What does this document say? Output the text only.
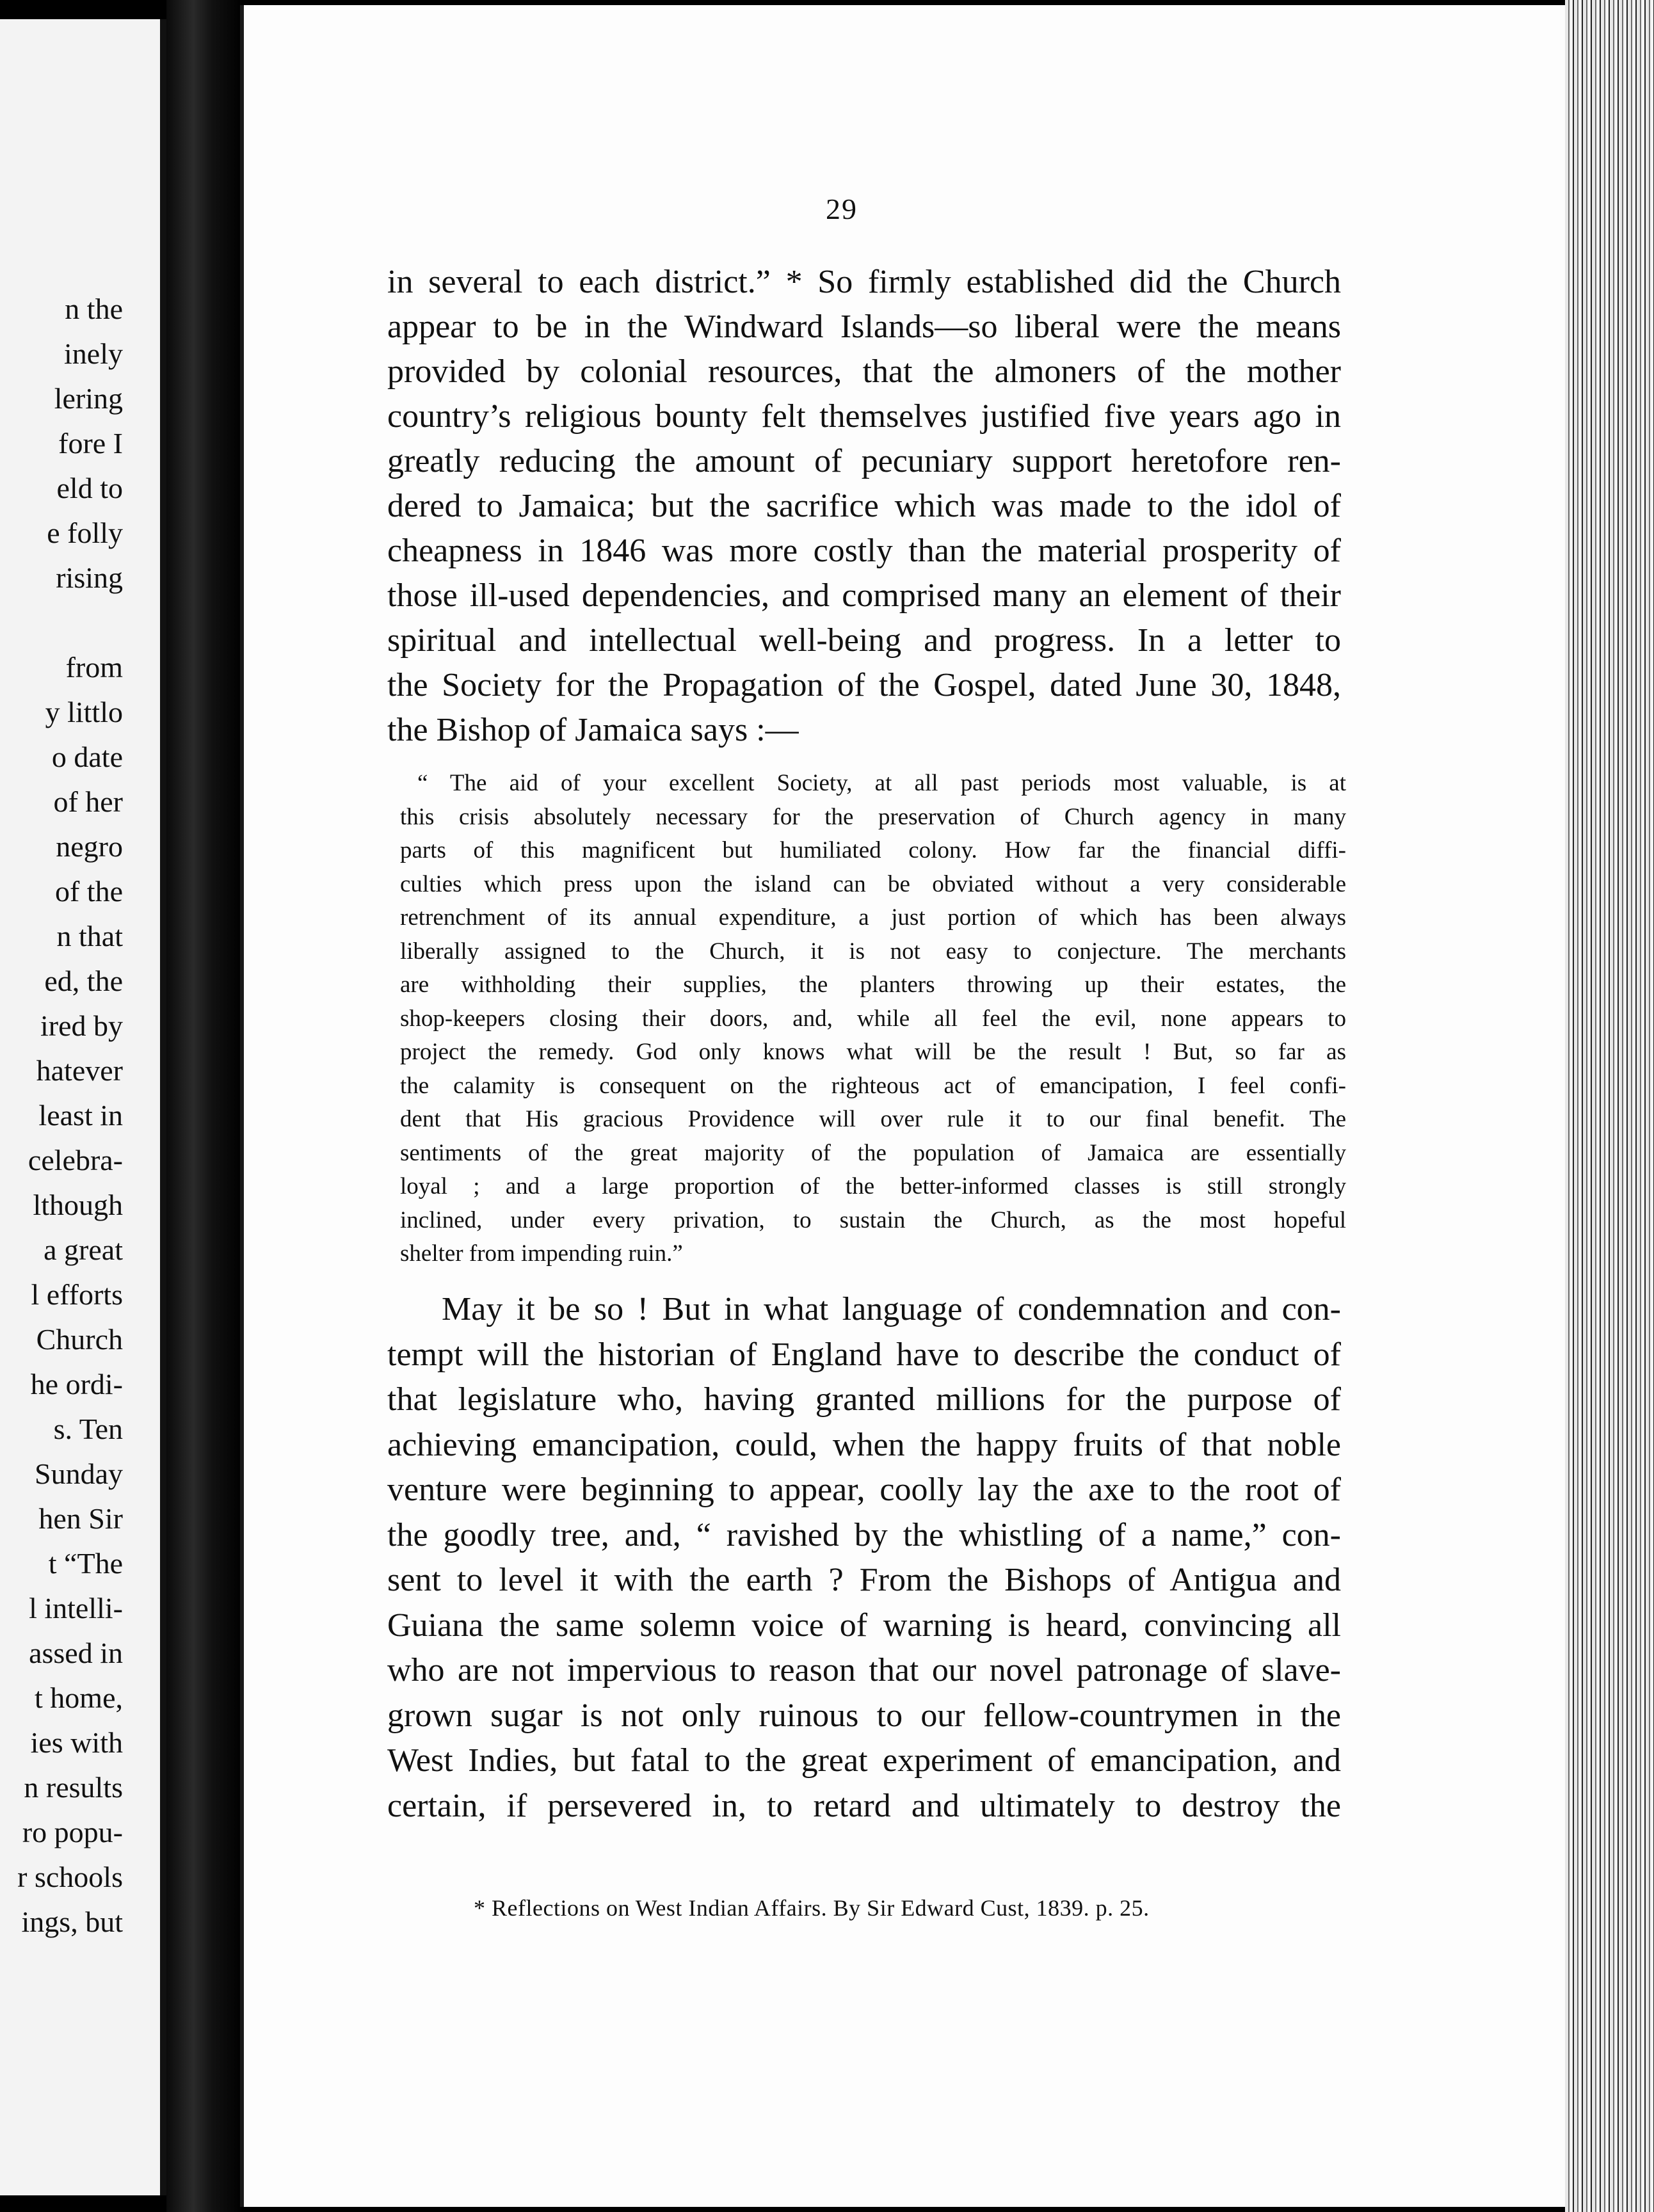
n the
inely
lering
fore I
eld to
e folly
rising
from
y littlo
o date
of her
negro
of the
n that
ed, the
ired by
hatever
least in
celebra-
lthough
a great
l efforts
Church
he ordi-
s. Ten
Sunday
hen Sir
t “The
l intelli-
assed in
t home,
ies with
n results
ro popu-
r schools
ings, but
29
in several to each district.” * So firmly established did the Church
appear to be in the Windward Islands—so liberal were the means
provided by colonial resources, that the almoners of the mother
country’s religious bounty felt themselves justified five years ago in
greatly reducing the amount of pecuniary support heretofore ren-
dered to Jamaica; but the sacrifice which was made to the idol of
cheapness in 1846 was more costly than the material prosperity of
those ill-used dependencies, and comprised many an element of their
spiritual and intellectual well-being and progress. In a letter to
the Society for the Propagation of the Gospel, dated June 30, 1848,
the Bishop of Jamaica says :—
“ The aid of your excellent Society, at all past periods most valuable, is at
this crisis absolutely necessary for the preservation of Church agency in many
parts of this magnificent but humiliated colony. How far the financial diffi-
culties which press upon the island can be obviated without a very considerable
retrenchment of its annual expenditure, a just portion of which has been always
liberally assigned to the Church, it is not easy to conjecture. The merchants
are withholding their supplies, the planters throwing up their estates, the
shop-keepers closing their doors, and, while all feel the evil, none appears to
project the remedy. God only knows what will be the result ! But, so far as
the calamity is consequent on the righteous act of emancipation, I feel confi-
dent that His gracious Providence will over rule it to our final benefit. The
sentiments of the great majority of the population of Jamaica are essentially
loyal ; and a large proportion of the better-informed classes is still strongly
inclined, under every privation, to sustain the Church, as the most hopeful
shelter from impending ruin.”
May it be so ! But in what language of condemnation and con-
tempt will the historian of England have to describe the conduct of
that legislature who, having granted millions for the purpose of
achieving emancipation, could, when the happy fruits of that noble
venture were beginning to appear, coolly lay the axe to the root of
the goodly tree, and, “ ravished by the whistling of a name,” con-
sent to level it with the earth ? From the Bishops of Antigua and
Guiana the same solemn voice of warning is heard, convincing all
who are not impervious to reason that our novel patronage of slave-
grown sugar is not only ruinous to our fellow-countrymen in the
West Indies, but fatal to the great experiment of emancipation, and
certain, if persevered in, to retard and ultimately to destroy the
* Reflections on West Indian Affairs. By Sir Edward Cust, 1839. p. 25.
